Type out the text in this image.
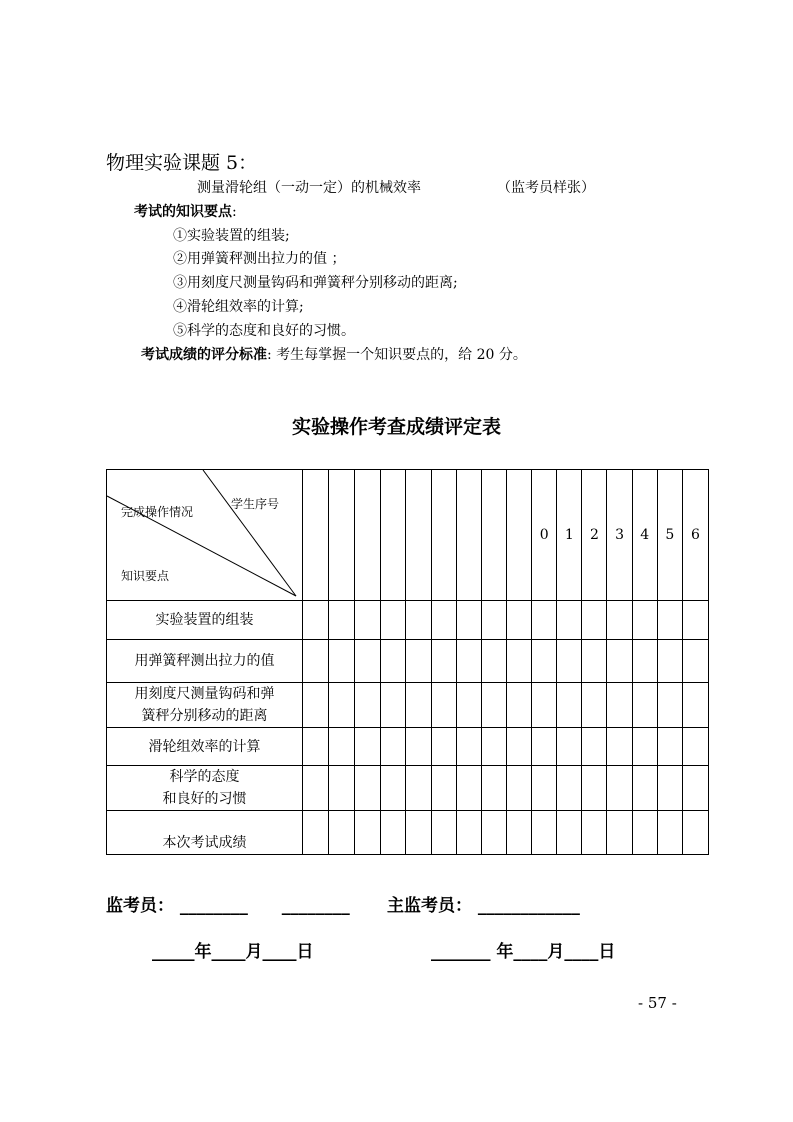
物理实验课题 5：
测量滑轮组（一动一定）的机械效率	（监考员样张）
考试的知识要点:
①实验装置的组装;
②用弹簧秤测出拉力的值 ；
③用刻度尺测量钩码和弹簧秤分别移动的距离;
④滑轮组效率的计算;
⑤科学的态度和良好的习惯。
考试成绩的评分标准: 考生每掌握一个知识要点的，给 20 分。
实验操作考查成绩评定表
学生序号
完成操作情况
知识要点										0	1	2	3	4	5	6

实验装置的组装																

用弹簧秤测出拉力的值																

用刻度尺测量钩码和弹
簧秤分别移动的距离																

滑轮组效率的计算																

科学的态度
和良好的习惯																

本次考试成绩																

监考员： ________ ________ 主监考员： ____________
_____年____月____日	_______ 年____月____日
- 57 -
